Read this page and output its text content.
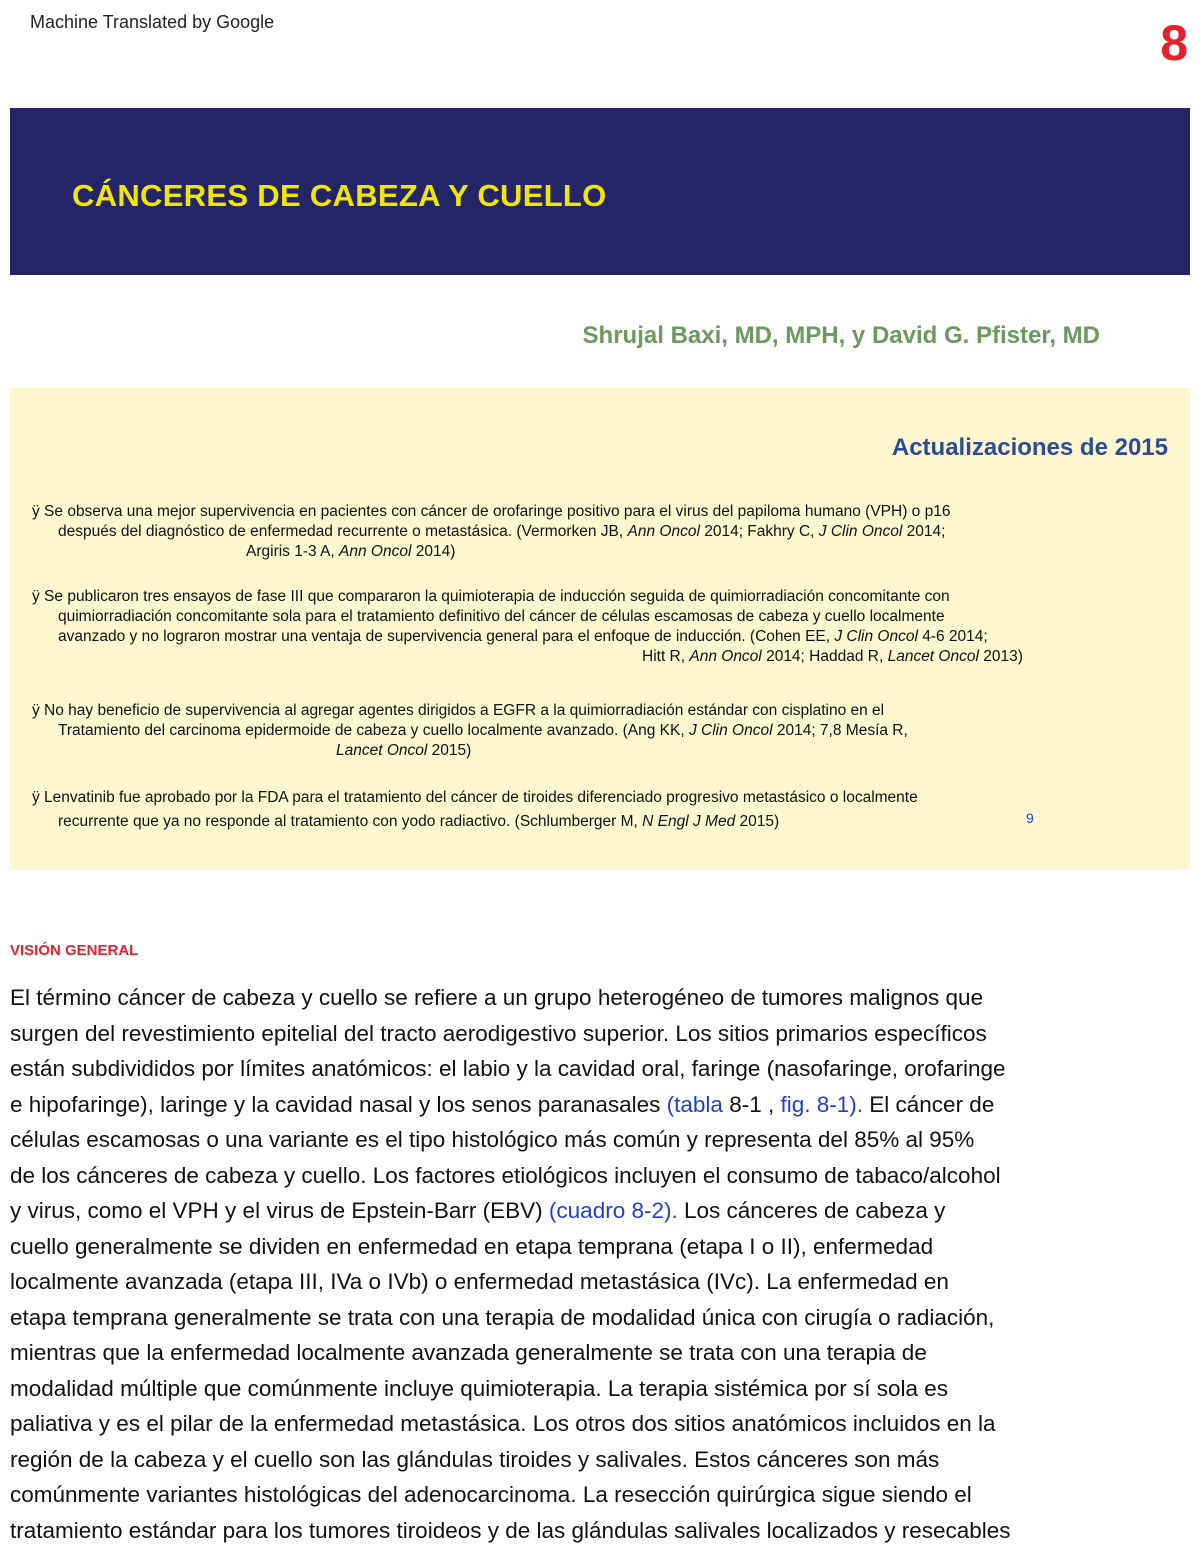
Machine Translated by Google	8
CÁNCERES DE CABEZA Y CUELLO
Shrujal Baxi, MD, MPH, y David G. Pfister, MD
Actualizaciones de 2015
ÿ Se observa una mejor supervivencia en pacientes con cáncer de orofaringe positivo para el virus del papiloma humano (VPH) o p16
después del diagnóstico de enfermedad recurrente o metastásica. (Vermorken JB, Ann Oncol 2014; Fakhry C, J Clin Oncol 2014;
Argiris 1-3 A, Ann Oncol 2014)
ÿ Se publicaron tres ensayos de fase III que compararon la quimioterapia de inducción seguida de quimiorradiación concomitante con
quimiorradiación concomitante sola para el tratamiento definitivo del cáncer de células escamosas de cabeza y cuello localmente
avanzado y no lograron mostrar una ventaja de supervivencia general para el enfoque de inducción. (Cohen EE, J Clin Oncol 4-6 2014;
Hitt R, Ann Oncol 2014; Haddad R, Lancet Oncol 2013)
ÿ No hay beneficio de supervivencia al agregar agentes dirigidos a EGFR a la quimiorradiación estándar con cisplatino en el
Tratamiento del carcinoma epidermoide de cabeza y cuello localmente avanzado. (Ang KK, J Clin Oncol 2014; 7,8 Mesía R,
Lancet Oncol 2015)
ÿ Lenvatinib fue aprobado por la FDA para el tratamiento del cáncer de tiroides diferenciado progresivo metastásico o localmente
recurrente que ya no responde al tratamiento con yodo radiactivo. (Schlumberger M, N Engl J Med 2015)	9
VISIÓN GENERAL
El término cáncer de cabeza y cuello se refiere a un grupo heterogéneo de tumores malignos que
surgen del revestimiento epitelial del tracto aerodigestivo superior. Los sitios primarios específicos
están subdivididos por límites anatómicos: el labio y la cavidad oral, faringe (nasofaringe, orofaringe
e hipofaringe), laringe y la cavidad nasal y los senos paranasales (tabla 8-1 , fig. 8-1). El cáncer de
células escamosas o una variante es el tipo histológico más común y representa del 85% al 95%
de los cánceres de cabeza y cuello. Los factores etiológicos incluyen el consumo de tabaco/alcohol
y virus, como el VPH y el virus de Epstein-Barr (EBV) (cuadro 8-2). Los cánceres de cabeza y
cuello generalmente se dividen en enfermedad en etapa temprana (etapa I o II), enfermedad
localmente avanzada (etapa III, IVa o IVb) o enfermedad metastásica (IVc). La enfermedad en
etapa temprana generalmente se trata con una terapia de modalidad única con cirugía o radiación,
mientras que la enfermedad localmente avanzada generalmente se trata con una terapia de
modalidad múltiple que comúnmente incluye quimioterapia. La terapia sistémica por sí sola es
paliativa y es el pilar de la enfermedad metastásica. Los otros dos sitios anatómicos incluidos en la
región de la cabeza y el cuello son las glándulas tiroides y salivales. Estos cánceres son más
comúnmente variantes histológicas del adenocarcinoma. La resección quirúrgica sigue siendo el
tratamiento estándar para los tumores tiroideos y de las glándulas salivales localizados y resecables
